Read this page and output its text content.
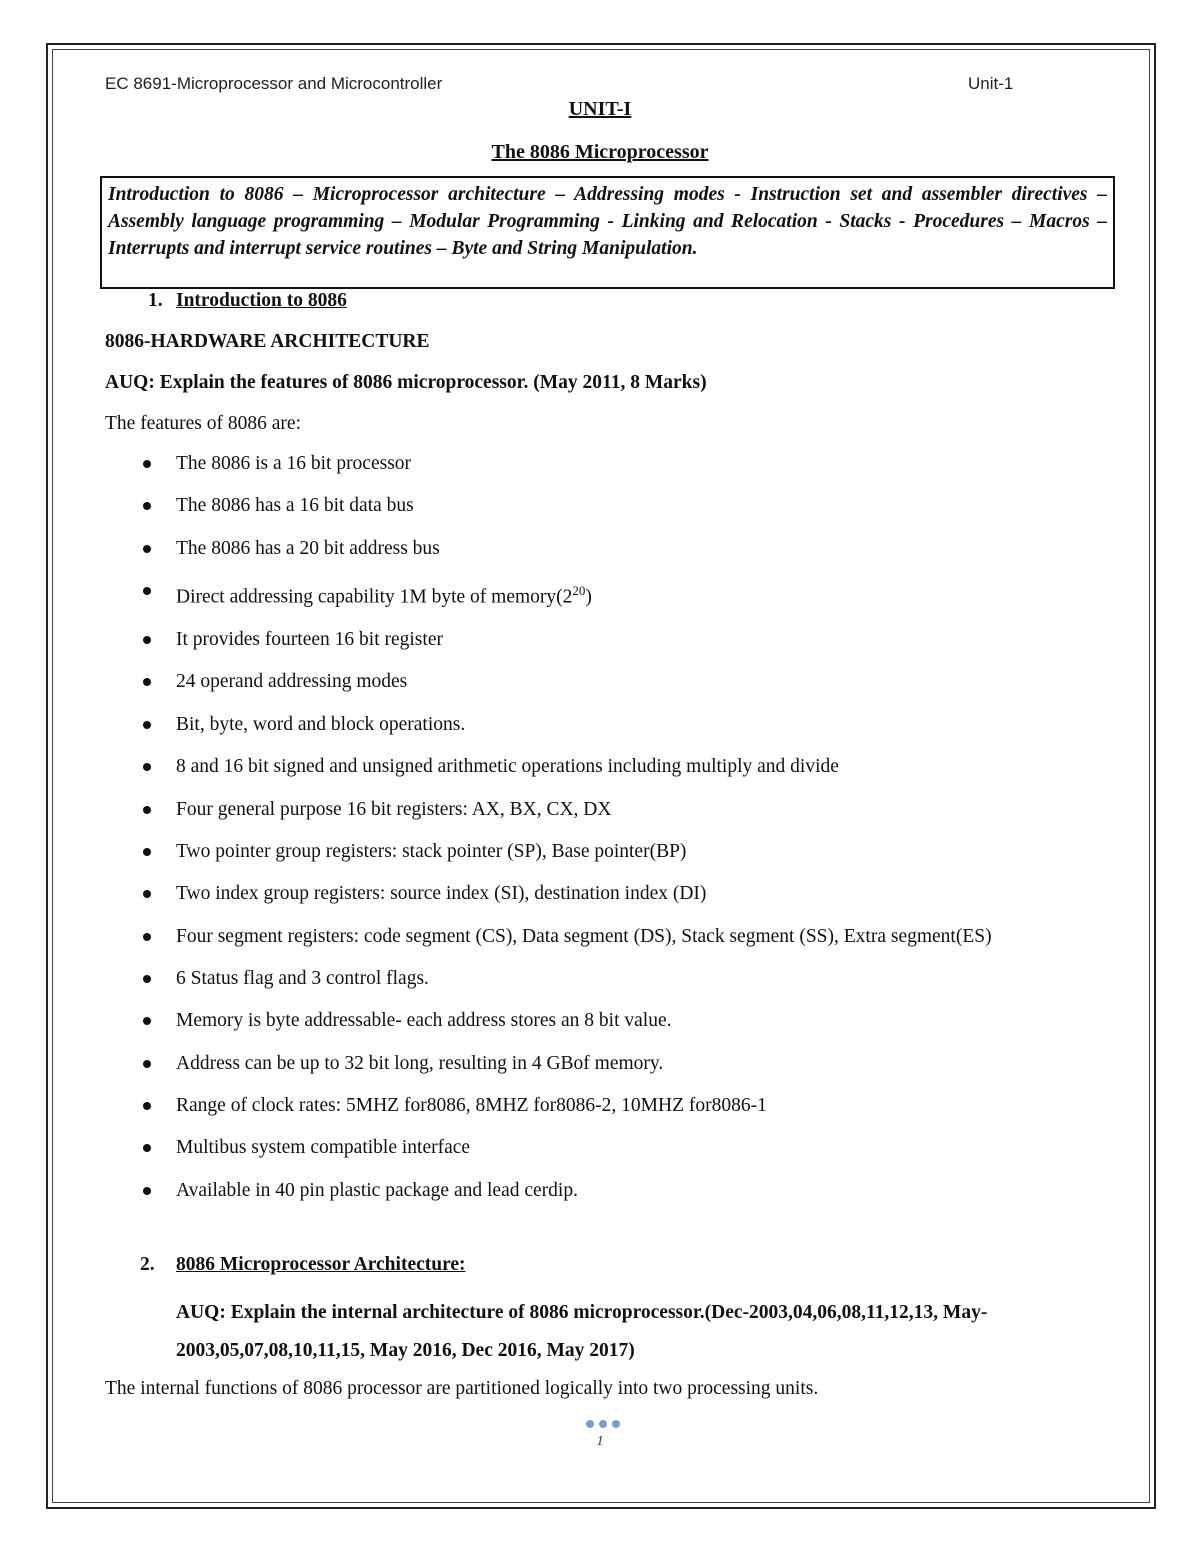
EC 8691-Microprocessor and Microcontroller	Unit-1
UNIT-I
The 8086 Microprocessor
Introduction to 8086 – Microprocessor architecture – Addressing modes - Instruction set and assembler directives – Assembly language programming – Modular Programming - Linking and Relocation - Stacks - Procedures – Macros – Interrupts and interrupt service routines – Byte and String Manipulation.
1. Introduction to 8086
8086-HARDWARE ARCHITECTURE
AUQ: Explain the features of 8086 microprocessor. (May 2011, 8 Marks)
The features of 8086 are:
The 8086 is a 16 bit processor
The 8086 has a 16 bit data bus
The 8086 has a 20 bit address bus
Direct addressing capability 1M byte of $memory(2^{20})$
It provides fourteen 16 bit register
24 operand addressing modes
Bit, byte, word and block operations.
8 and 16 bit signed and unsigned arithmetic operations including multiply and divide
Four general purpose 16 bit registers: AX, BX, CX, DX
Two pointer group registers: stack pointer (SP), Base pointer(BP)
Two index group registers: source index (SI), destination index (DI)
Four segment registers: code segment (CS), Data segment (DS), Stack segment (SS), Extra segment(ES)
6 Status flag and 3 control flags.
Memory is byte addressable- each address stores an 8 bit value.
Address can be up to 32 bit long, resulting in 4 GBof memory.
Range of clock rates: 5MHZ for8086, 8MHZ for8086-2, 10MHZ for8086-1
Multibus system compatible interface
Available in 40 pin plastic package and lead cerdip.
2. 8086 Microprocessor Architecture:
AUQ: Explain the internal architecture of 8086 microprocessor.(Dec-2003,04,06,08,11,12,13, May-2003,05,07,08,10,11,15, May 2016, Dec 2016, May 2017)
The internal functions of 8086 processor are partitioned logically into two processing units.
1
